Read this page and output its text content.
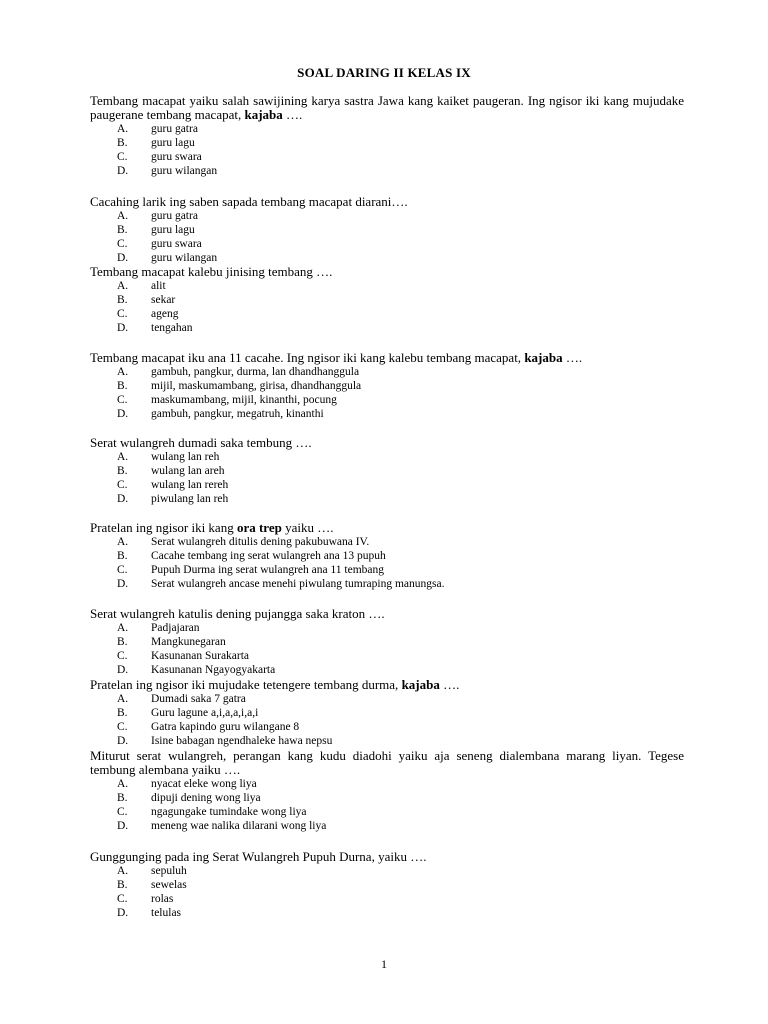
SOAL DARING II KELAS IX
Tembang macapat yaiku salah sawijining karya sastra Jawa kang kaiket paugeran. Ing ngisor iki kang mujudake paugerane tembang macapat, kajaba ….
A. guru gatra
B. guru lagu
C. guru swara
D. guru wilangan
Cacahing larik ing saben sapada tembang macapat diarani….
A. guru gatra
B. guru lagu
C. guru swara
D. guru wilangan
Tembang macapat kalebu jinising tembang ….
A. alit
B. sekar
C. ageng
D. tengahan
Tembang macapat iku ana 11 cacahe. Ing ngisor iki kang kalebu tembang macapat, kajaba ….
A. gambuh, pangkur, durma, lan dhandhanggula
B. mijil, maskumambang, girisa, dhandhanggula
C. maskumambang, mijil, kinanthi, pocung
D. gambuh, pangkur, megatruh, kinanthi
Serat wulangreh dumadi saka tembung ….
A. wulang lan reh
B. wulang lan areh
C. wulang lan rereh
D. piwulang lan reh
Pratelan ing ngisor iki kang ora trep yaiku ….
A. Serat wulangreh ditulis dening pakubuwana IV.
B. Cacahe tembang ing serat wulangreh ana 13 pupuh
C. Pupuh Durma ing serat wulangreh ana 11 tembang
D. Serat wulangreh ancase menehi piwulang tumraping manungsa.
Serat wulangreh katulis dening pujangga saka kraton ….
A. Padjajaran
B. Mangkunegaran
C. Kasunanan Surakarta
D. Kasunanan Ngayogyakarta
Pratelan ing ngisor iki mujudake tetengere tembang durma, kajaba ….
A. Dumadi saka 7 gatra
B. Guru lagune a,i,a,a,i,a,i
C. Gatra kapindo guru wilangane 8
D. Isine babagan ngendhaleke hawa nepsu
Miturut serat wulangreh, perangan kang kudu diadohi yaiku aja seneng dialembana marang liyan. Tegese tembung alembana yaiku ….
A. nyacat eleke wong liya
B. dipuji dening wong liya
C. ngagungake tumindake wong liya
D. meneng wae nalika dilarani wong liya
Gunggunging pada ing Serat Wulangreh Pupuh Durna, yaiku ….
A. sepuluh
B. sewelas
C. rolas
D. telulas
1
